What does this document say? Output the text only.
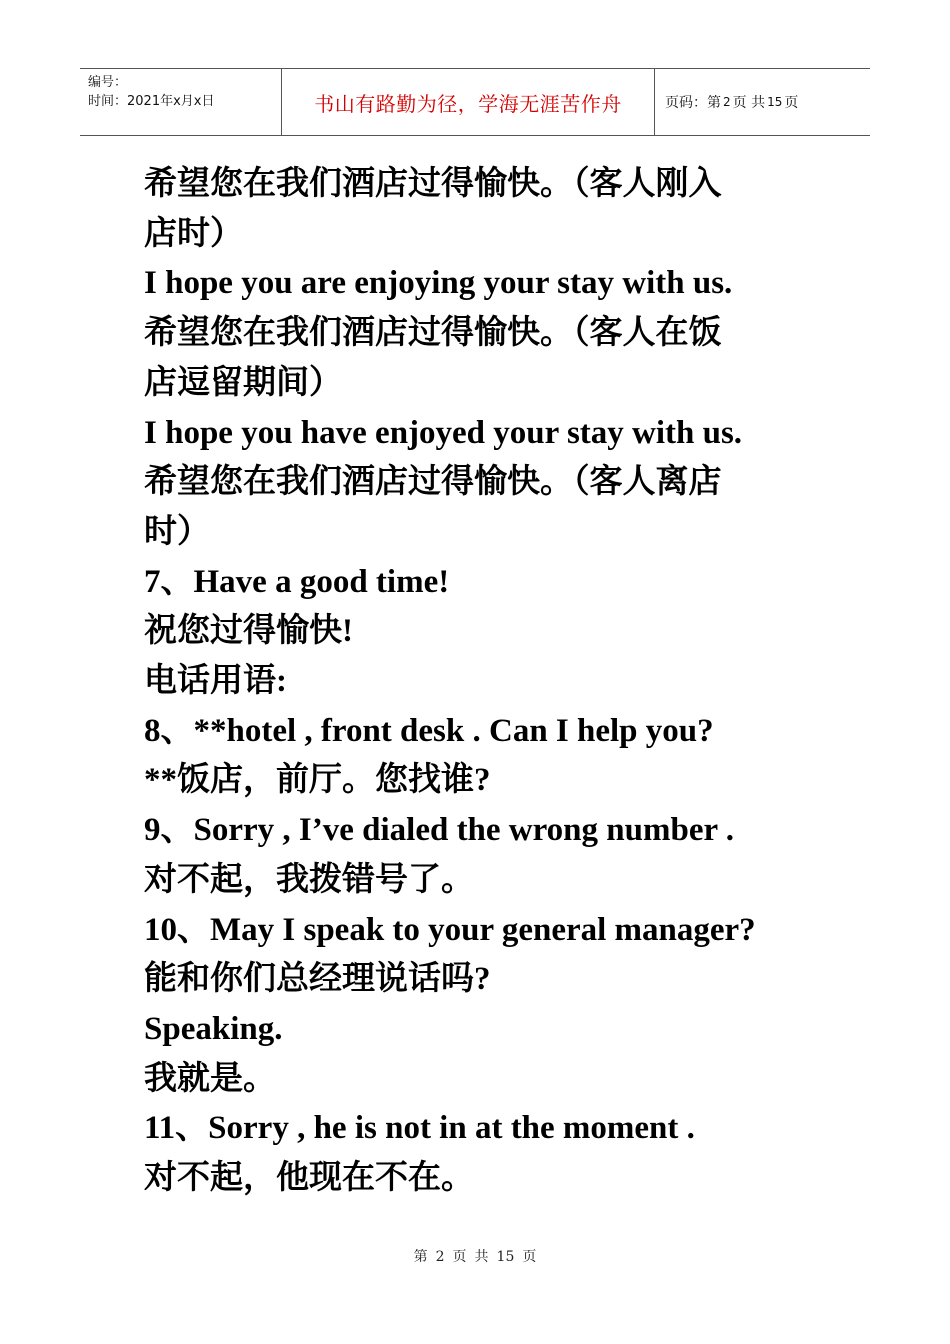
编号：
时间：2021年x月x日	书山有路勤为径，学海无涯苦作舟	页码：第 2 页 共 15 页
希望您在我们酒店过得愉快。（客人刚入
店时）
I hope you are enjoying your stay with us.
希望您在我们酒店过得愉快。（客人在饭
店逗留期间）
I hope you have enjoyed your stay with us.
希望您在我们酒店过得愉快。（客人离店
时）
7、Have a good time!
祝您过得愉快!
电话用语:
8、**hotel , front desk . Can I help you?
**饭店，前厅。您找谁?
9、Sorry , I’ve dialed the wrong number .
对不起，我拨错号了。
10、May I speak to your general manager?
能和你们总经理说话吗?
Speaking.
我就是。
11、Sorry , he is not in at the moment .
对不起，他现在不在。
第 2 页 共 15 页
